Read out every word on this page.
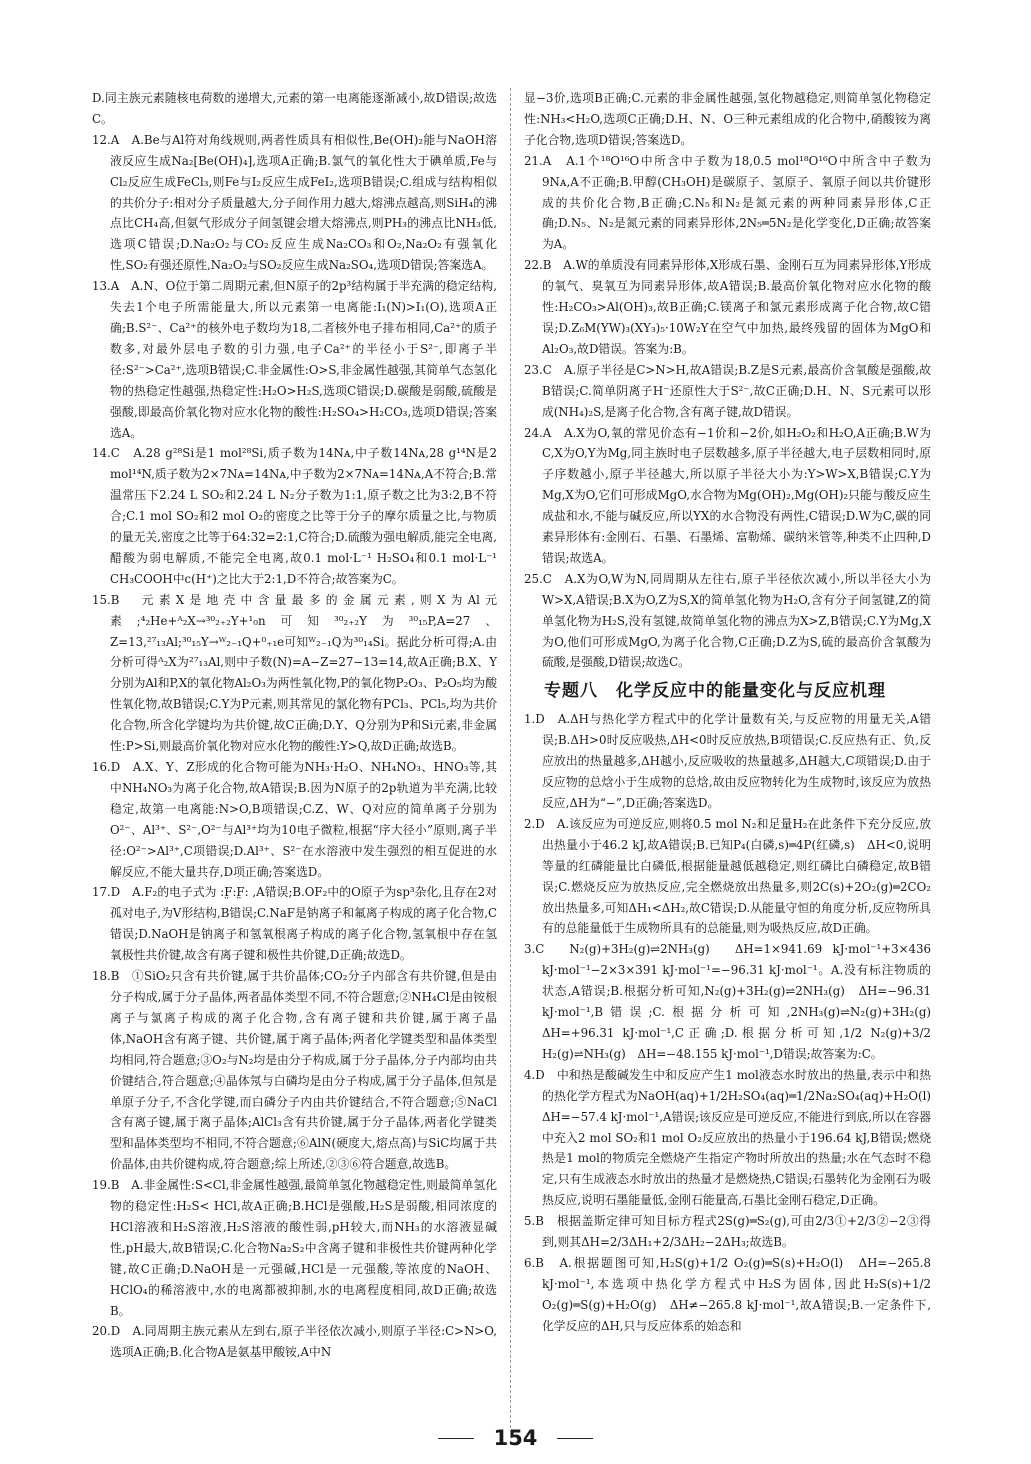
D.同主族元素随核电荷数的递增大,元素的第一电离能逐渐减小,故D错误;故选C。

12.A　A.Be与Al符对角线规则,两者性质具有相似性,Be(OH)₂能与NaOH溶液反应生成Na₂[Be(OH)₄],选项A正确;B.氯气的氧化性大于碘单质,Fe与Cl₂反应生成FeCl₃,则Fe与I₂反应生成FeI₂,选项B错误;C.组成与结构相似的共价分子:相对分子质量越大,分子间作用力越大,熔沸点越高,则SiH₄的沸点比CH₄高,但氨气形成分子间氢键会增大熔沸点,则PH₃的沸点比NH₃低,选项C错误;D.Na₂O₂与CO₂反应生成Na₂CO₃和O₂,Na₂O₂有强氧化性,SO₂有强还原性,Na₂O₂与SO₂反应生成Na₂SO₄,选项D错误;答案选A。

13.A　A.N、O位于第二周期元素,但N原子的2p³结构属于半充满的稳定结构,失去1个电子所需能量大,所以元素第一电离能:I₁(N)>I₁(O),选项A正确;B.S²⁻、Ca²⁺的核外电子数均为18,二者核外电子排布相同,Ca²⁺的质子数多,对最外层电子数的引力强,电子Ca²⁺的半径小于S²⁻,即离子半径:S²⁻>Ca²⁺,选项B错误;C.非金属性:O>S,非金属性越强,其简单气态氢化物的热稳定性越强,热稳定性:H₂O>H₂S,选项C错误;D.碳酸是弱酸,硫酸是强酸,即最高价氧化物对应水化物的酸性:H₂SO₄>H₂CO₃,选项D错误;答案选A。

14.C　A.28 g²⁸Si是1 mol²⁸Si,质子数为14Nᴀ,中子数14Nᴀ,28 g¹⁴N是2 mol¹⁴N,质子数为2×7Nᴀ=14Nᴀ,中子数为2×7Nᴀ=14Nᴀ,A不符合;B.常温常压下2.24 L SO₂和2.24 L N₂分子数为1:1,原子数之比为3:2,B不符合;C.1 mol SO₂和2 mol O₂的密度之比等于分子的摩尔质量之比,与物质的量无关,密度之比等于64:32=2:1,C符合;D.硫酸为强电解质,能完全电离,醋酸为弱电解质,不能完全电离,故0.1 mol·L⁻¹ H₂SO₄和0.1 mol·L⁻¹ CH₃COOH中c(H⁺)之比大于2:1,D不符合;故答案为C。

15.B　元素X是地壳中含量最多的金属元素,则X为Al元素;⁴₂He+ᴬ₂X→³⁰₂₊₂Y+¹₀n可知³⁰₂₊₂Y为³⁰₁₅P,A=27、Z=13,²⁷₁₃Al;³⁰₁₅Y→ᵂ₂₋₁Q+⁰₊₁e可知ᵂ₂₋₁Q为³⁰₁₄Si。据此分析可得;A.由分析可得ᴬ₂X为²⁷₁₃Al,则中子数(N)=A−Z=27−13=14,故A正确;B.X、Y分别为Al和P,X的氧化物Al₂O₃为两性氧化物,P的氧化物P₂O₃、P₂O₅均为酸性氧化物,故B错误;C.Y为P元素,则其常见的氯化物有PCl₃、PCl₅,均为共价化合物,所含化学键均为共价键,故C正确;D.Y、Q分别为P和Si元素,非金属性:P>Si,则最高价氧化物对应水化物的酸性:Y>Q,故D正确;故选B。

16.D　A.X、Y、Z形成的化合物可能为NH₃·H₂O、NH₄NO₃、HNO₃等,其中NH₄NO₃为离子化合物,故A错误;B.因为N原子的2p轨道为半充满,比较稳定,故第一电离能:N>O,B项错误;C.Z、W、Q对应的简单离子分别为O²⁻、Al³⁺、S²⁻,O²⁻与Al³⁺均为10电子微粒,根据“序大径小”原则,离子半径:O²⁻>Al³⁺,C项错误;D.Al³⁺、S²⁻在水溶液中发生强烈的相互促进的水解反应,不能大量共存,D项正确;答案选D。

17.D　A.F₂的电子式为 :F̤:F̤: ,A错误;B.OF₂中的O原子为sp³杂化,且存在2对孤对电子,为V形结构,B错误;C.NaF是钠离子和氟离子构成的离子化合物,C错误;D.NaOH是钠离子和氢氧根离子构成的离子化合物,氢氧根中存在氢氧极性共价键,故含有离子键和极性共价键,D正确;故选D。

18.B　①SiO₂只含有共价键,属于共价晶体;CO₂分子内部含有共价键,但是由分子构成,属于分子晶体,两者晶体类型不同,不符合题意;②NH₄Cl是由铵根离子与氯离子构成的离子化合物,含有离子键和共价键,属于离子晶体,NaOH含有离子键、共价键,属于离子晶体;两者化学键类型和晶体类型均相同,符合题意;③O₂与N₂均是由分子构成,属于分子晶体,分子内部均由共价键结合,符合题意;④晶体氖与白磷均是由分子构成,属于分子晶体,但氖是单原子分子,不含化学键,而白磷分子内由共价键结合,不符合题意;⑤NaCl含有离子键,属于离子晶体;AlCl₃含有共价键,属于分子晶体,两者化学键类型和晶体类型均不相同,不符合题意;⑥AlN(硬度大,熔点高)与SiC均属于共价晶体,由共价键构成,符合题意;综上所述,②③⑥符合题意,故选B。

19.B　A.非金属性:S<Cl,非金属性越强,最简单氢化物越稳定性,则最简单氢化物的稳定性:H₂S< HCl,故A正确;B.HCl是强酸,H₂S是弱酸,相同浓度的HCl溶液和H₂S溶液,H₂S溶液的酸性弱,pH较大,而NH₃的水溶液显碱性,pH最大,故B错误;C.化合物Na₂S₂中含离子键和非极性共价键两种化学键,故C正确;D.NaOH是一元强碱,HCl是一元强酸,等浓度的NaOH、HClO₄的稀溶液中,水的电离都被抑制,水的电离程度相同,故D正确;故选B。

20.D　A.同周期主族元素从左到右,原子半径依次减小,则原子半径:C>N>O,选项A正确;B.化合物A是氨基甲酸铵,A中N

显−3价,选项B正确;C.元素的非金属性越强,氢化物越稳定,则简单氢化物稳定性:NH₃<H₂O,选项C正确;D.H、N、O三种元素组成的化合物中,硝酸铵为离子化合物,选项D错误;答案选D。

21.A　A.1个¹⁸O¹⁶O中所含中子数为18,0.5 mol¹⁸O¹⁶O中所含中子数为9Nᴀ,A不正确;B.甲醇(CH₃OH)是碳原子、氢原子、氧原子间以共价键形成的共价化合物,B正确;C.N₅和N₂是氮元素的两种同素异形体,C正确;D.N₅、N₂是氮元素的同素异形体,2N₅═5N₂是化学变化,D正确;故答案为A。

22.B　A.W的单质没有同素异形体,X形成石墨、金刚石互为同素异形体,Y形成的氧气、臭氧互为同素异形体,故A错误;B.最高价氧化物对应水化物的酸性:H₂CO₃>Al(OH)₃,故B正确;C.镁离子和氯元素形成离子化合物,故C错误;D.Z₆M(YW)₃(XY₃)₅·10W₂Y在空气中加热,最终残留的固体为MgO和Al₂O₃,故D错误。答案为:B。

23.C　A.原子半径是C>N>H,故A错误;B.Z是S元素,最高价含氧酸是强酸,故B错误;C.简单阴离子H⁻还原性大于S²⁻,故C正确;D.H、N、S元素可以形成(NH₄)₂S,是离子化合物,含有离子键,故D错误。

24.A　A.X为O,氧的常见价态有−1价和−2价,如H₂O₂和H₂O,A正确;B.W为C,X为O,Y为Mg,同主族时电子层数越多,原子半径越大,电子层数相同时,原子序数越小,原子半径越大,所以原子半径大小为:Y>W>X,B错误;C.Y为Mg,X为O,它们可形成MgO,水合物为Mg(OH)₂,Mg(OH)₂只能与酸反应生成盐和水,不能与碱反应,所以YX的水合物没有两性,C错误;D.W为C,碳的同素异形体有:金刚石、石墨、石墨烯、富勒烯、碳纳米管等,种类不止四种,D错误;故选A。

25.C　A.X为O,W为N,同周期从左往右,原子半径依次减小,所以半径大小为W>X,A错误;B.X为O,Z为S,X的简单氢化物为H₂O,含有分子间氢键,Z的简单氢化物为H₂S,没有氢键,故简单氢化物的沸点为X>Z,B错误;C.Y为Mg,X为O,他们可形成MgO,为离子化合物,C正确;D.Z为S,硫的最高价含氧酸为硫酸,是强酸,D错误;故选C。

专题八　化学反应中的能量变化与反应机理

1.D　A.ΔH与热化学方程式中的化学计量数有关,与反应物的用量无关,A错误;B.ΔH>0时反应吸热,ΔH<0时反应放热,B项错误;C.反应热有正、负,反应放出的热量越多,ΔH越小,反应吸收的热量越多,ΔH越大,C项错误;D.由于反应物的总焓小于生成物的总焓,故由反应物转化为生成物时,该反应为放热反应,ΔH为“−”,D正确;答案选D。

2.D　A.该反应为可逆反应,则将0.5 mol N₂和足量H₂在此条件下充分反应,放出热量小于46.2 kJ,故A错误;B.已知P₄(白磷,s)═4P(红磷,s)　ΔH<0,说明等量的红磷能量比白磷低,根据能量越低越稳定,则红磷比白磷稳定,故B错误;C.燃烧反应为放热反应,完全燃烧放出热量多,则2C(s)+2O₂(g)═2CO₂放出热量多,可知ΔH₁<ΔH₂,故C错误;D.从能量守恒的角度分析,反应物所具有的总能量低于生成物所具有的总能量,则为吸热反应,故D正确。

3.C　N₂(g)+3H₂(g)⇌2NH₃(g)　ΔH=1×941.69 kJ·mol⁻¹+3×436 kJ·mol⁻¹−2×3×391 kJ·mol⁻¹=−96.31 kJ·mol⁻¹。A.没有标注物质的状态,A错误;B.根据分析可知,N₂(g)+3H₂(g)⇌2NH₃(g)　ΔH=−96.31 kJ·mol⁻¹,B错误;C.根据分析可知,2NH₃(g)⇌N₂(g)+3H₂(g)　ΔH=+96.31 kJ·mol⁻¹,C正确;D.根据分析可知,1/2 N₂(g)+3/2 H₂(g)⇌NH₃(g)　ΔH=−48.155 kJ·mol⁻¹,D错误;故答案为:C。

4.D　中和热是酸碱发生中和反应产生1 mol液态水时放出的热量,表示中和热的热化学方程式为NaOH(aq)+1/2H₂SO₄(aq)═1/2Na₂SO₄(aq)+H₂O(l)　ΔH=−57.4 kJ·mol⁻¹,A错误;该反应是可逆反应,不能进行到底,所以在容器中充入2 mol SO₂和1 mol O₂反应放出的热量小于196.64 kJ,B错误;燃烧热是1 mol的物质完全燃烧产生指定产物时所放出的热量;水在气态时不稳定,只有生成液态水时放出的热量才是燃烧热,C错误;石墨转化为金刚石为吸热反应,说明石墨能量低,金刚石能量高,石墨比金刚石稳定,D正确。

5.B　根据盖斯定律可知目标方程式2S(g)═S₂(g),可由2/3①+2/3②−2③得到,则其ΔH=2/3ΔH₁+2/3ΔH₂−2ΔH₃;故选B。

6.B　A.根据题图可知,H₂S(g)+1/2 O₂(g)═S(s)+H₂O(l)　ΔH=−265.8 kJ·mol⁻¹,本选项中热化学方程式中H₂S为固体,因此H₂S(s)+1/2 O₂(g)═S(g)+H₂O(g)　ΔH≠−265.8 kJ·mol⁻¹,故A错误;B.一定条件下,化学反应的ΔH,只与反应体系的始态和

154
